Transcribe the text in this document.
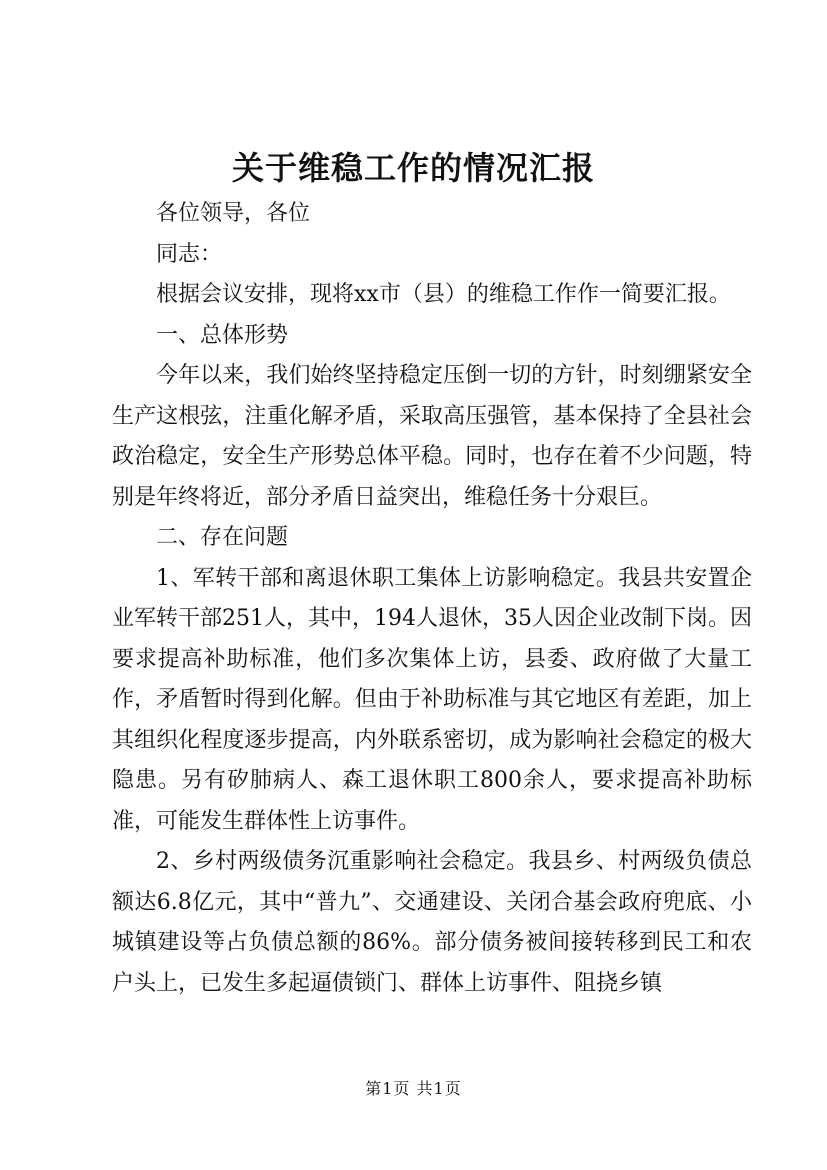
关于维稳工作的情况汇报

各位领导，各位

同志：

根据会议安排，现将xx市（县）的维稳工作作一简要汇报。

一、总体形势

今年以来，我们始终坚持稳定压倒一切的方针，时刻绷紧安全生产这根弦，注重化解矛盾，采取高压强管，基本保持了全县社会政治稳定，安全生产形势总体平稳。同时，也存在着不少问题，特别是年终将近，部分矛盾日益突出，维稳任务十分艰巨。

二、存在问题

1、军转干部和离退休职工集体上访影响稳定。我县共安置企业军转干部251人，其中，194人退休，35人因企业改制下岗。因要求提高补助标准，他们多次集体上访，县委、政府做了大量工作，矛盾暂时得到化解。但由于补助标准与其它地区有差距，加上其组织化程度逐步提高，内外联系密切，成为影响社会稳定的极大隐患。另有矽肺病人、森工退休职工800余人，要求提高补助标准，可能发生群体性上访事件。

2、乡村两级债务沉重影响社会稳定。我县乡、村两级负债总额达6.8亿元，其中“普九”、交通建设、关闭合基会政府兜底、小城镇建设等占负债总额的86%。部分债务被间接转移到民工和农户头上，已发生多起逼债锁门、群体上访事件、阻挠乡镇

第1页 共1页
